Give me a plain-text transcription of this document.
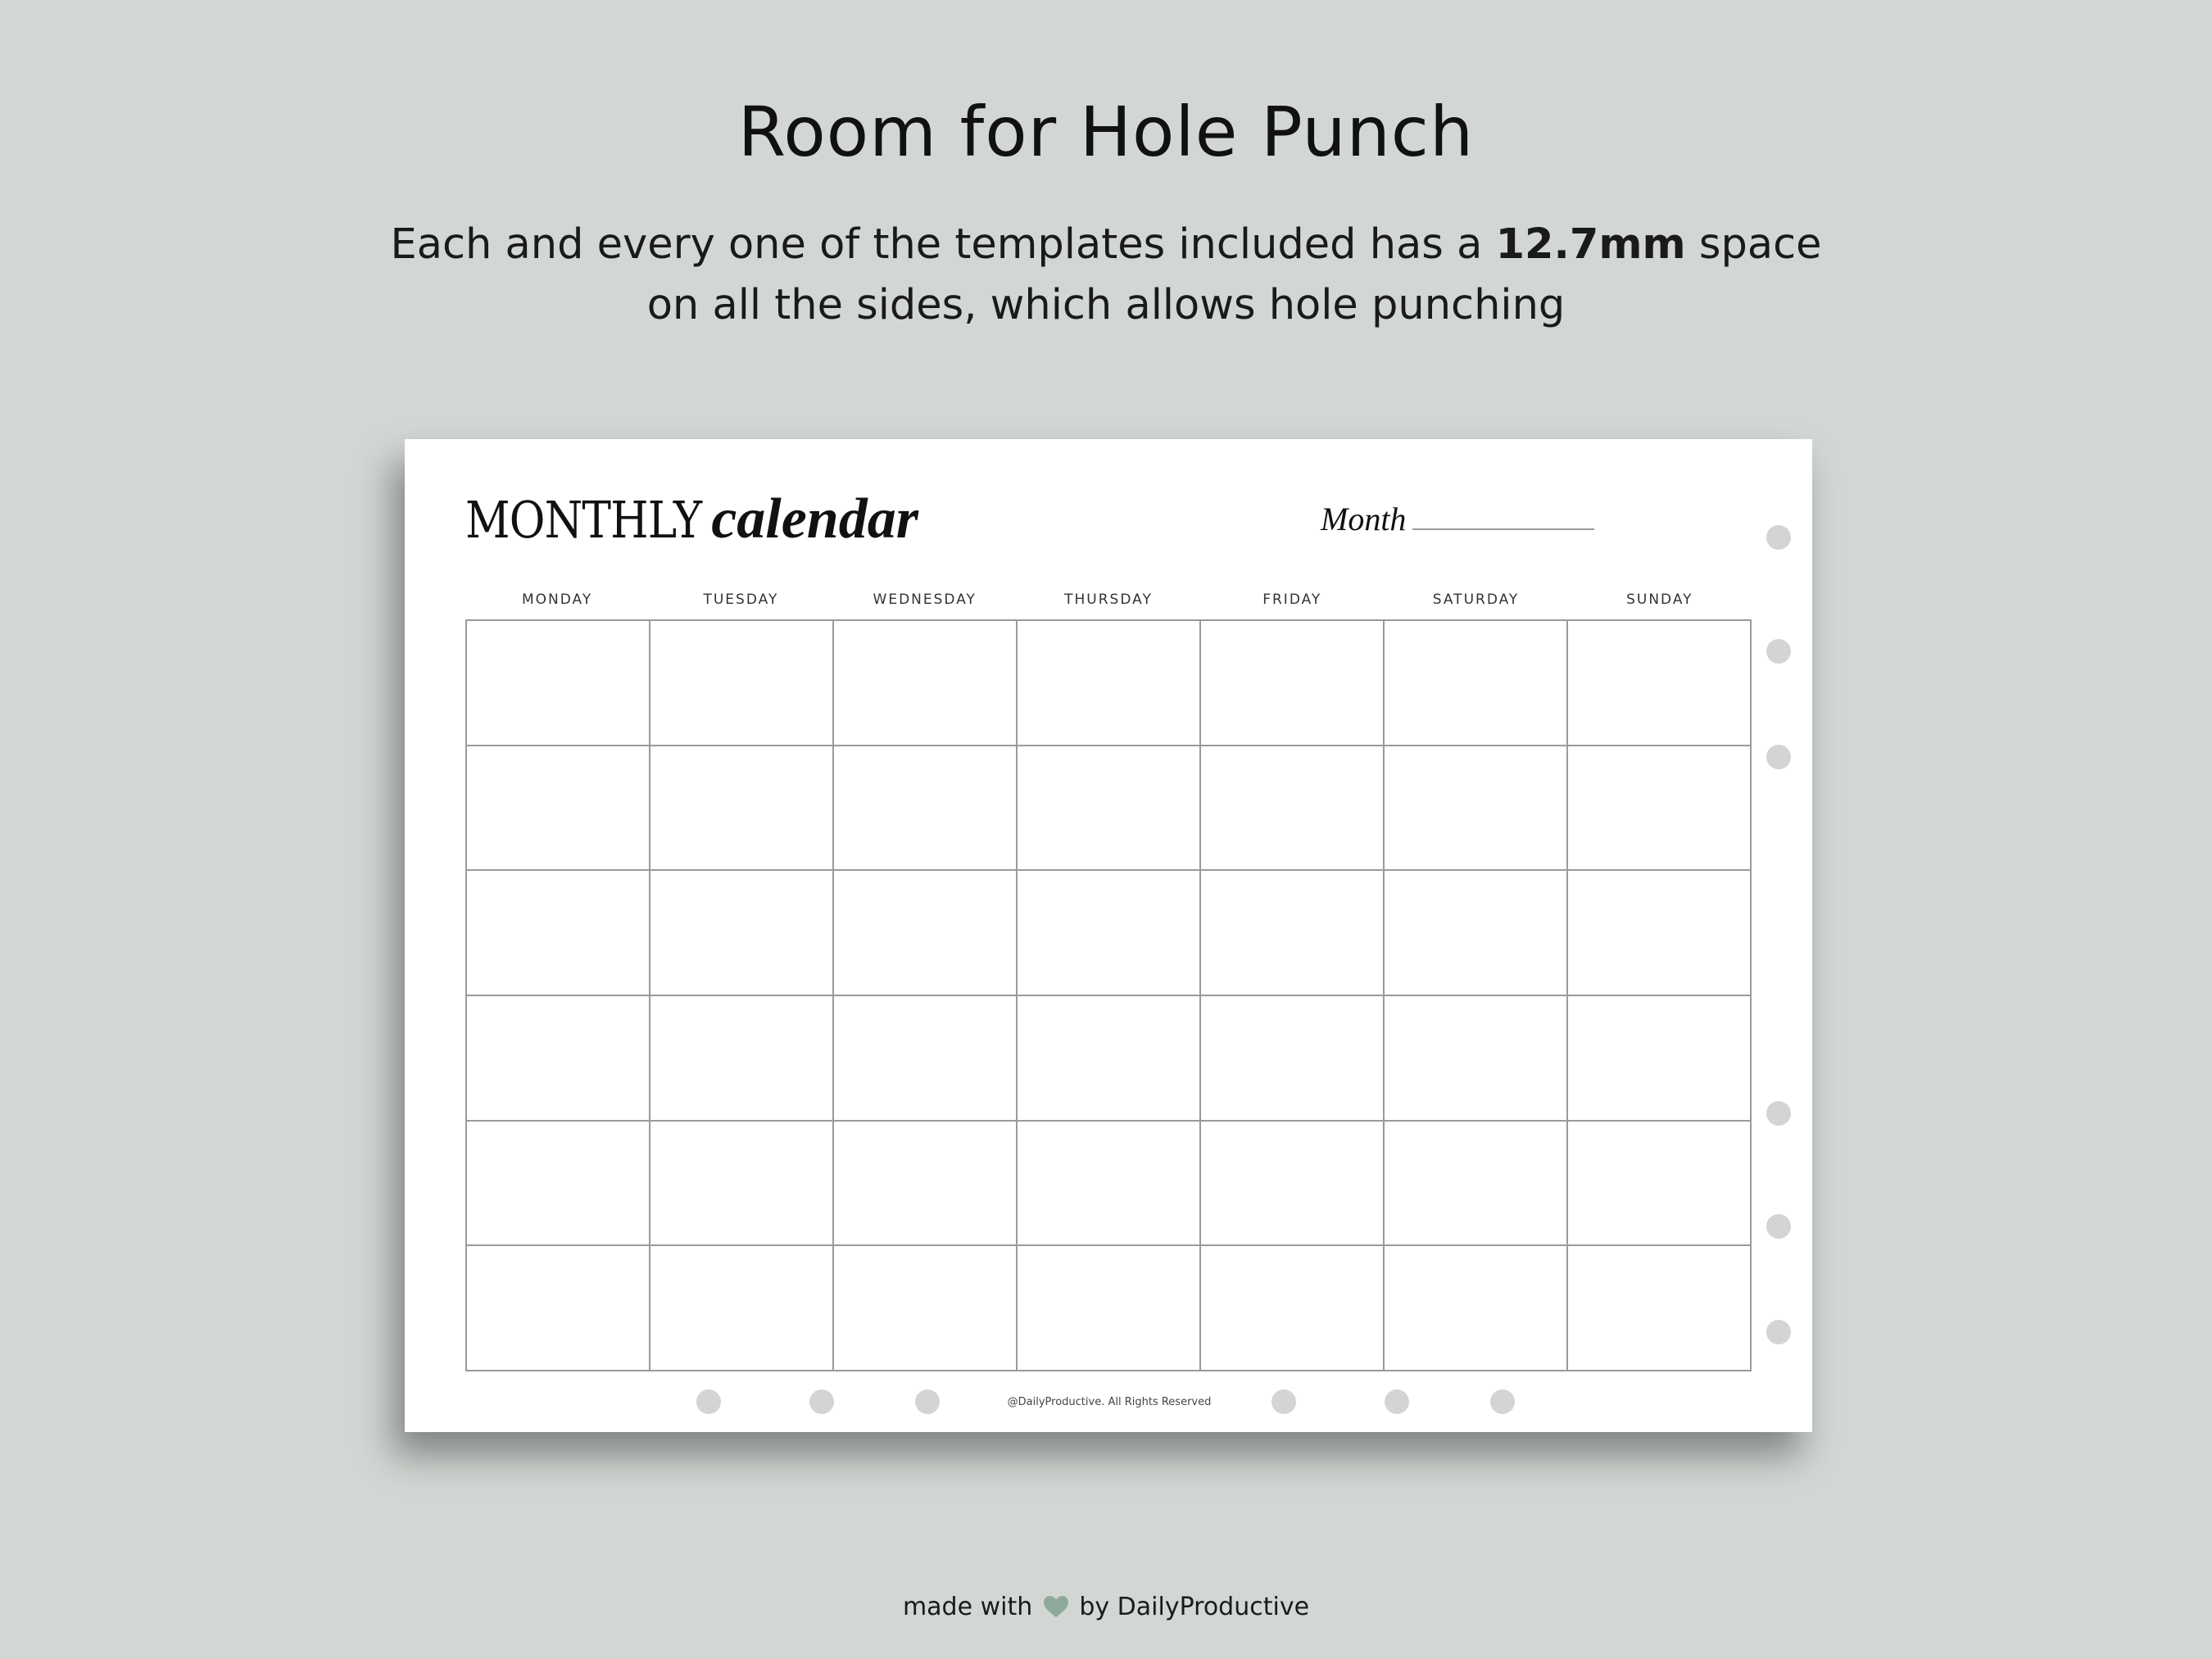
Room for Hole Punch
Each and every one of the templates included has a 12.7mm space
on all the sides, which allows hole punching
MONTHLY calendar	Month
MONDAY	TUESDAY	WEDNESDAY	THURSDAY	FRIDAY	SATURDAY	SUNDAY
@DailyProductive. All Rights Reserved
made with by DailyProductive
